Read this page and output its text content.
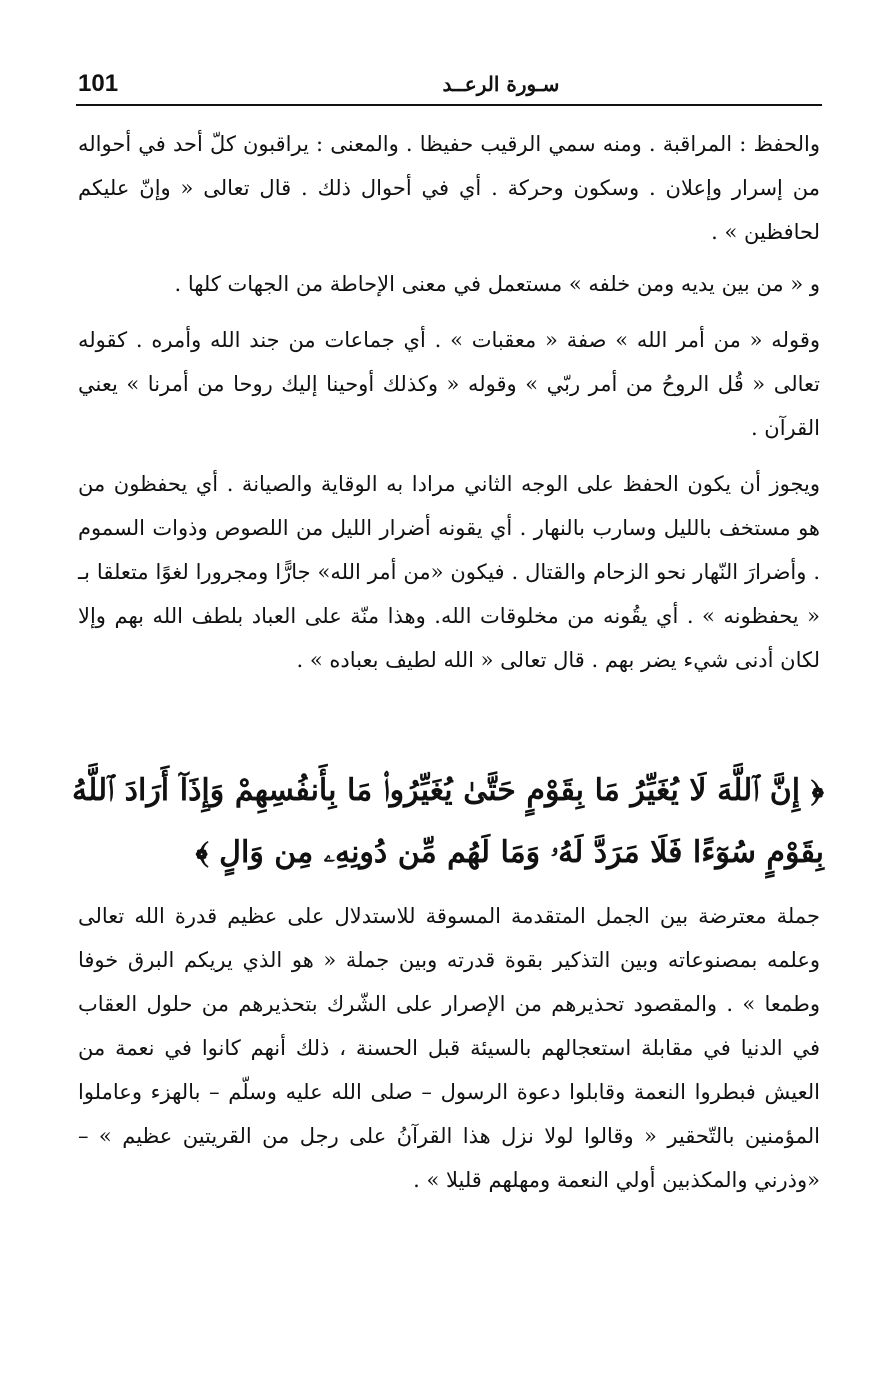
101	سـورة الرعــد

والحفظ : المراقبة . ومنه سمي الرقيب حفيظا . والمعنى : يراقبون كلّ أحد في أحواله من إسرار وإعلان . وسكون وحركة . أي في أحوال ذلك . قال تعالى « وإنّ عليكم لحافظين » .

و « من بين يديه ومن خلفه » مستعمل في معنى الإحاطة من الجهات كلها .

وقوله « من أمر الله » صفة « معقبات » . أي جماعات من جند الله وأمره . كقوله تعالى « قُل الروحُ من أمر ربّي » وقوله « وكذلك أوحينا إليك روحا من أمرنا » يعني القرآن .

ويجوز أن يكون الحفظ على الوجه الثاني مرادا به الوقاية والصيانة . أي يحفظون من هو مستخف بالليل وسارب بالنهار . أي يقونه أضرار الليل من اللصوص وذوات السموم . وأضرارَ النّهار نحو الزحام والقتال . فيكون «من أمر الله» جارًّا ومجرورا لغوًا متعلقا بـ « يحفظونه » . أي يقُونه من مخلوقات الله. وهذا منّة على العباد بلطف الله بهم وإلا لكان أدنى شيء يضر بهم . قال تعالى « الله لطيف بعباده » .

﴿ إِنَّ ٱللَّهَ لَا يُغَيِّرُ مَا بِقَوْمٍ حَتَّىٰ يُغَيِّرُوا۟ مَا بِأَنفُسِهِمْ وَإِذَآ أَرَادَ ٱللَّهُ بِقَوْمٍ سُوٓءًا فَلَا مَرَدَّ لَهُۥ وَمَا لَهُم مِّن دُونِهِۦ مِن وَالٍ ﴾

جملة معترضة بين الجمل المتقدمة المسوقة للاستدلال على عظيم قدرة الله تعالى وعلمه بمصنوعاته وبين التذكير بقوة قدرته وبين جملة « هو الذي يريكم البرق خوفا وطمعا » . والمقصود تحذيرهم من الإصرار على الشّرك بتحذيرهم من حلول العقاب في الدنيا في مقابلة استعجالهم بالسيئة قبل الحسنة ، ذلك أنهم كانوا في نعمة من العيش فبطروا النعمة وقابلوا دعوة الرسول – صلى الله عليه وسلّم – بالهزء وعاملوا المؤمنين بالتّحقير « وقالوا لولا نزل هذا القرآنُ على رجل من القريتين عظيم » – «وذرني والمكذبين أولي النعمة ومهلهم قليلا » .
